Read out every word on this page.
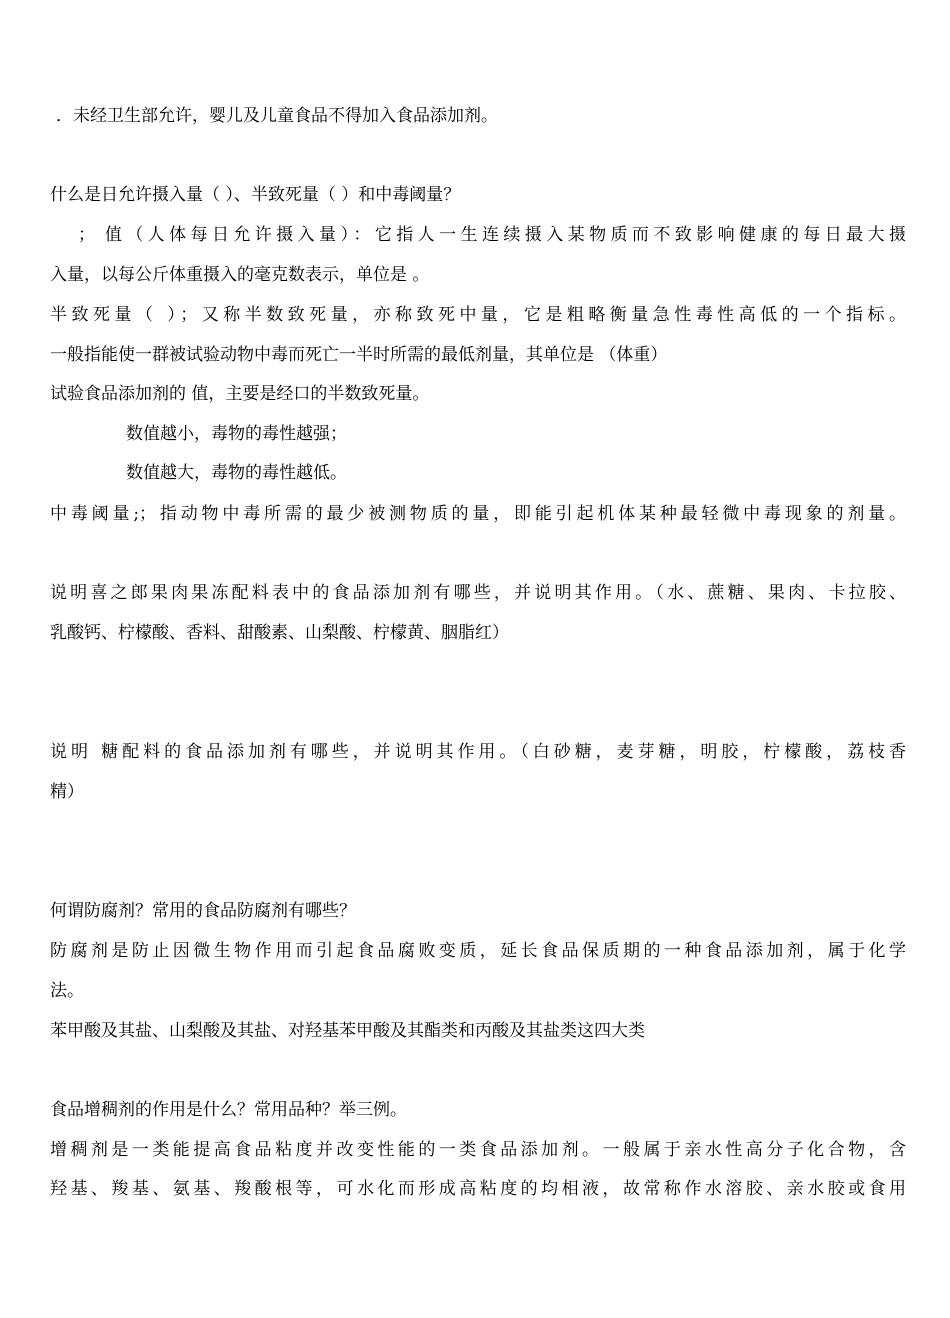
．未经卫生部允许，婴儿及儿童食品不得加入食品添加剂。
什么是日允许摄入量（ ）、半致死量（ ）和中毒阈量？
； 值（人体每日允许摄入量）：它指人一生连续摄入某物质而不致影响健康的每日最大摄
入量，以每公斤体重摄入的毫克数表示，单位是 。
半致死量（ ）；又称半数致死量，亦称致死中量，它是粗略衡量急性毒性高低的一个指标。
一般指能使一群被试验动物中毒而死亡一半时所需的最低剂量，其单位是 （体重）
试验食品添加剂的 值，主要是经口的半数致死量。
数值越小，毒物的毒性越强；
数值越大，毒物的毒性越低。
中毒阈量;；指动物中毒所需的最少被测物质的量，即能引起机体某种最轻微中毒现象的剂量。
说明喜之郎果肉果冻配料表中的食品添加剂有哪些，并说明其作用。（水、蔗糖、果肉、卡拉胶、
乳酸钙、柠檬酸、香料、甜酸素、山梨酸、柠檬黄、胭脂红）
说明 糖配料的食品添加剂有哪些，并说明其作用。（白砂糖，麦芽糖，明胶，柠檬酸，荔枝香
精）
何谓防腐剂？常用的食品防腐剂有哪些？
防腐剂是防止因微生物作用而引起食品腐败变质，延长食品保质期的一种食品添加剂，属于化学
法。
苯甲酸及其盐、山梨酸及其盐、对羟基苯甲酸及其酯类和丙酸及其盐类这四大类
食品增稠剂的作用是什么？常用品种？举三例。
增稠剂是一类能提高食品粘度并改变性能的一类食品添加剂。一般属于亲水性高分子化合物，含
羟基、羧基、氨基、羧酸根等，可水化而形成高粘度的均相液，故常称作水溶胶、亲水胶或食用
